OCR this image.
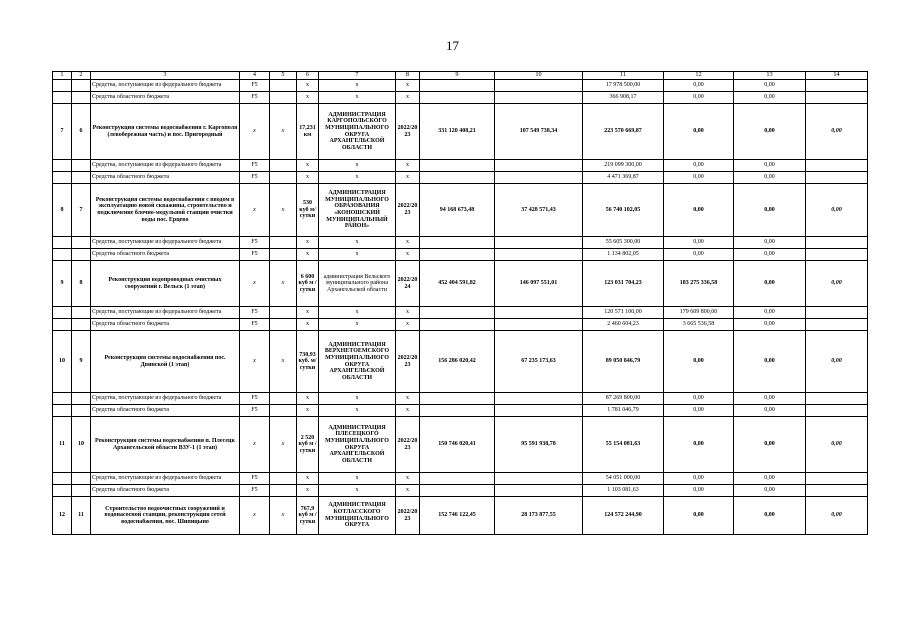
17
1	2	3	4	5	6	7	8	9	10	11	12	13	14
		Средства, поступающие из федерального бюджета	F5		х	х	х			17 978 500,00	0,00	0,00	
		Средства областного бюджета	F5		х	х	х			366 908,17	0,00	0,00	
7	6	Реконструкция системы водоснабжения г. Каргополя (левобережная часть) и пос. Пригородный	х	х	17,231 км	АДМИНИСТРАЦИЯ КАРГОПОЛЬСКОГО МУНИЦИПАЛЬНОГО ОКРУГА АРХАНГЕЛЬСКОЙ ОБЛАСТИ	2022/2023	331 120 408,21	107 549 738,34	223 570 669,87	0,00	0,00	0,00
		Средства, поступающие из федерального бюджета	F5		х	х	х			219 099 300,00	0,00	0,00	
		Средства областного бюджета	F5		х	х	х			4 471 369,87	0,00	0,00	
8	7	Реконструкция системы водоснабжения с вводом в эксплуатацию новой скважины, строительство и подключение блочно-модульной станции очистки воды пос. Ерцево	х	х	530 куб м/сутки	АДМИНИСТРАЦИЯ МУНИЦИПАЛЬНОГО ОБРАЗОВАНИЯ «КОНОШСКИЙ МУНИЦИПАЛЬНЫЙ РАЙОН»	2022/2023	94 168 673,48	37 428 571,43	56 740 102,05	0,00	0,00	0,00
		Средства, поступающие из федерального бюджета	F5		х	х	х			55 605 300,00	0,00	0,00	
		Средства областного бюджета	F5		х	х	х			1 134 802,05	0,00	0,00	
9	8	Реконструкция водопроводных очистных сооружений г. Вельск (1 этап)	х	х	6 600 куб м / сутки	администрация Вельского муниципального района Архангельской области	2022/2024	452 404 591,82	146 097 551,01	123 031 704,23	183 275 336,58	0,00	0,00
		Средства, поступающие из федерального бюджета	F5		х	х	х			120 571 100,00	179 609 800,00	0,00	
		Средства областного бюджета	F5		х	х	х			2 460 604,23	3 665 536,58	0,00	
10	9	Реконструкция системы водоснабжения пос. Двинской (1 этап)	х	х	730,93 куб. м/сутки	АДМИНИСТРАЦИЯ ВЕРХНЕТОЕМСКОГО МУНИЦИПАЛЬНОГО ОКРУГА АРХАНГЕЛЬСКОЙ ОБЛАСТИ	2022/2023	156 286 020,42	67 235 173,63	89 050 846,79	0,00	0,00	0,00
		Средства, поступающие из федерального бюджета	F5		х	х	х			87 269 800,00	0,00	0,00	
		Средства областного бюджета	F5		х	х	х			1 781 046,79	0,00	0,00	
11	10	Реконструкция системы водоснабжения п. Плесецк Архангельской области ВЗУ-1 (1 этап)	х	х	2 520 куб м / сутки	АДМИНИСТРАЦИЯ ПЛЕСЕЦКОГО МУНИЦИПАЛЬНОГО ОКРУГА АРХАНГЕЛЬСКОЙ ОБЛАСТИ	2022/2023	150 746 020,41	95 591 938,78	55 154 081,63	0,00	0,00	0,00
		Средства, поступающие из федерального бюджета	F5		х	х	х			54 051 000,00	0,00	0,00	
		Средства областного бюджета	F5		х	х	х			1 103 081,63	0,00	0,00	
12	11	Строительство водоочистных сооружений и водонасосной станции, реконструкция сетей водоснабжения, пос. Шипицыно	х	х	767,9 куб м / сутки	АДМИНИСТРАЦИЯ КОТЛАССКОГО МУНИЦИПАЛЬНОГО ОКРУГА	2022/2023	152 746 122,45	28 173 877,55	124 572 244,90	0,00	0,00	0,00
